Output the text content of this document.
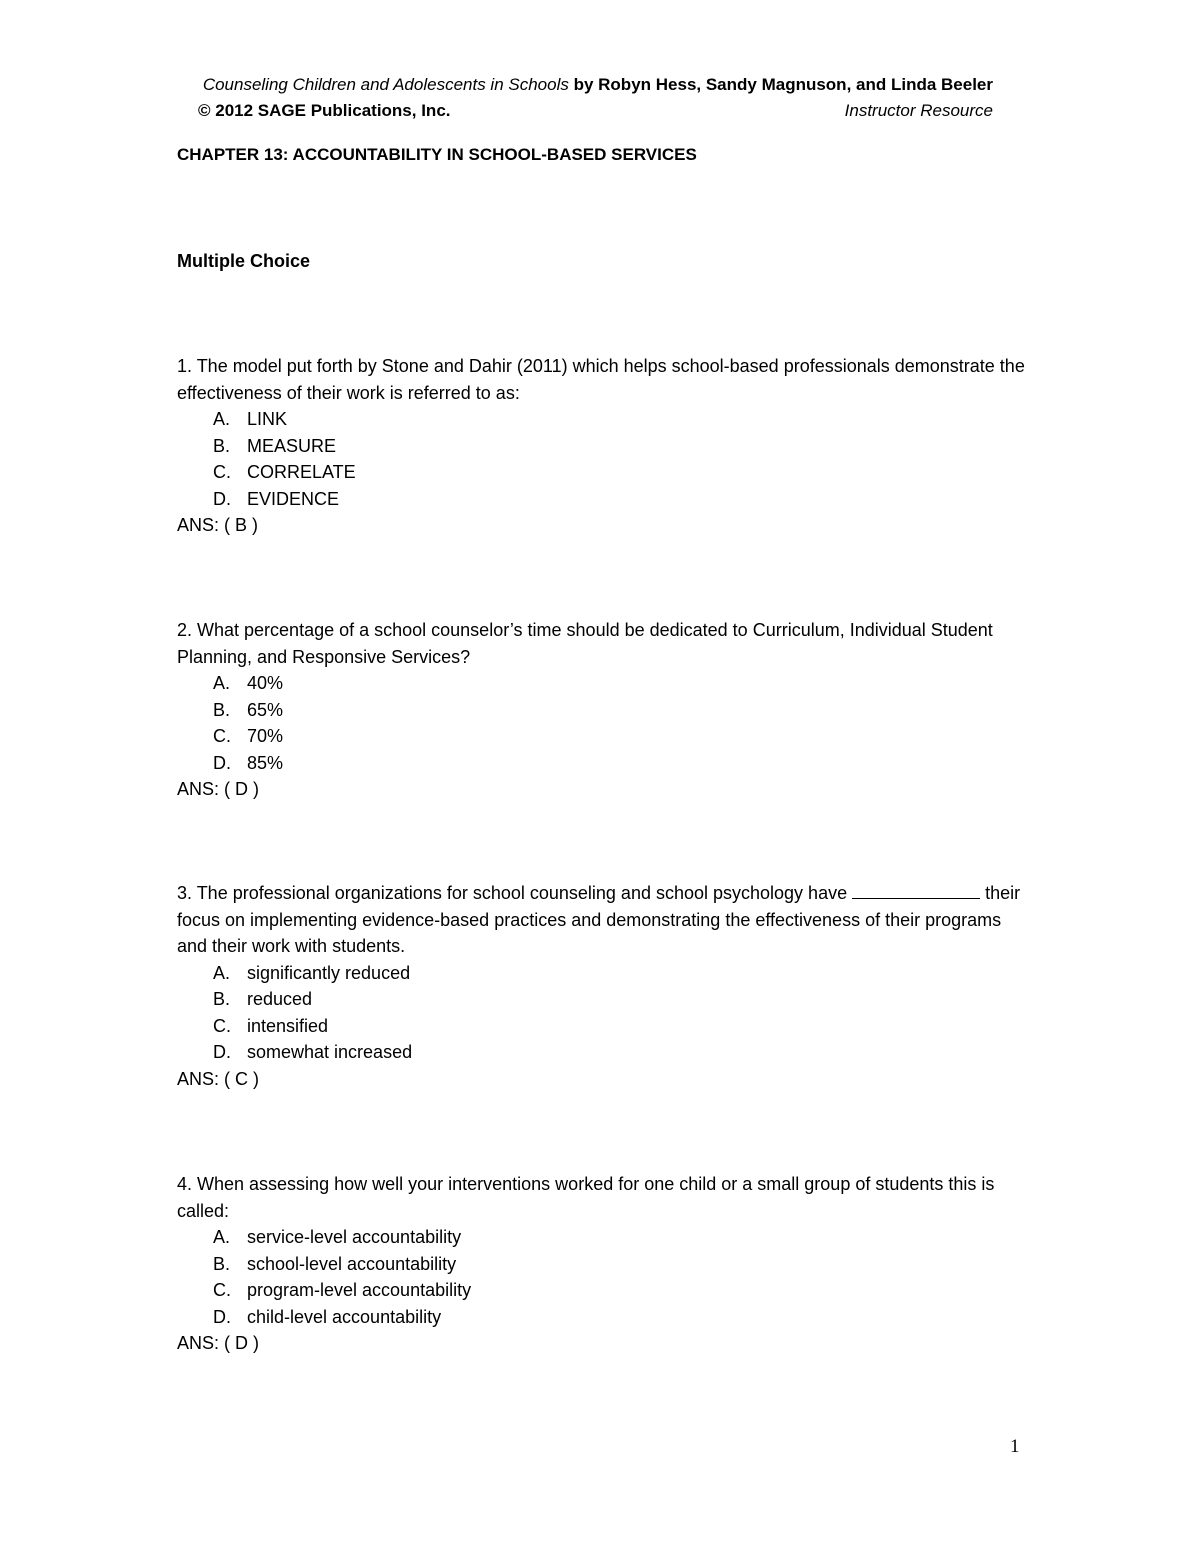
Counseling Children and Adolescents in Schools by Robyn Hess, Sandy Magnuson, and Linda Beeler
© 2012 SAGE Publications, Inc.	Instructor Resource
CHAPTER 13: ACCOUNTABILITY IN SCHOOL-BASED SERVICES
Multiple Choice

1. The model put forth by Stone and Dahir (2011) which helps school-based professionals demonstrate the effectiveness of their work is referred to as:

A. LINK
B. MEASURE
C. CORRELATE
D. EVIDENCE

ANS: ( B )

2. What percentage of a school counselor’s time should be dedicated to Curriculum, Individual Student Planning, and Responsive Services?

A. 40%
B. 65%
C. 70%
D. 85%

ANS: ( D )

3. The professional organizations for school counseling and school psychology have	their focus on implementing evidence-based practices and demonstrating the effectiveness of their programs and their work with students.

A. significantly reduced
B. reduced
C. intensified
D. somewhat increased

ANS: ( C )

4. When assessing how well your interventions worked for one child or a small group of students this is called:

A. service-level accountability
B. school-level accountability
C. program-level accountability
D. child-level accountability

ANS: ( D )

1
